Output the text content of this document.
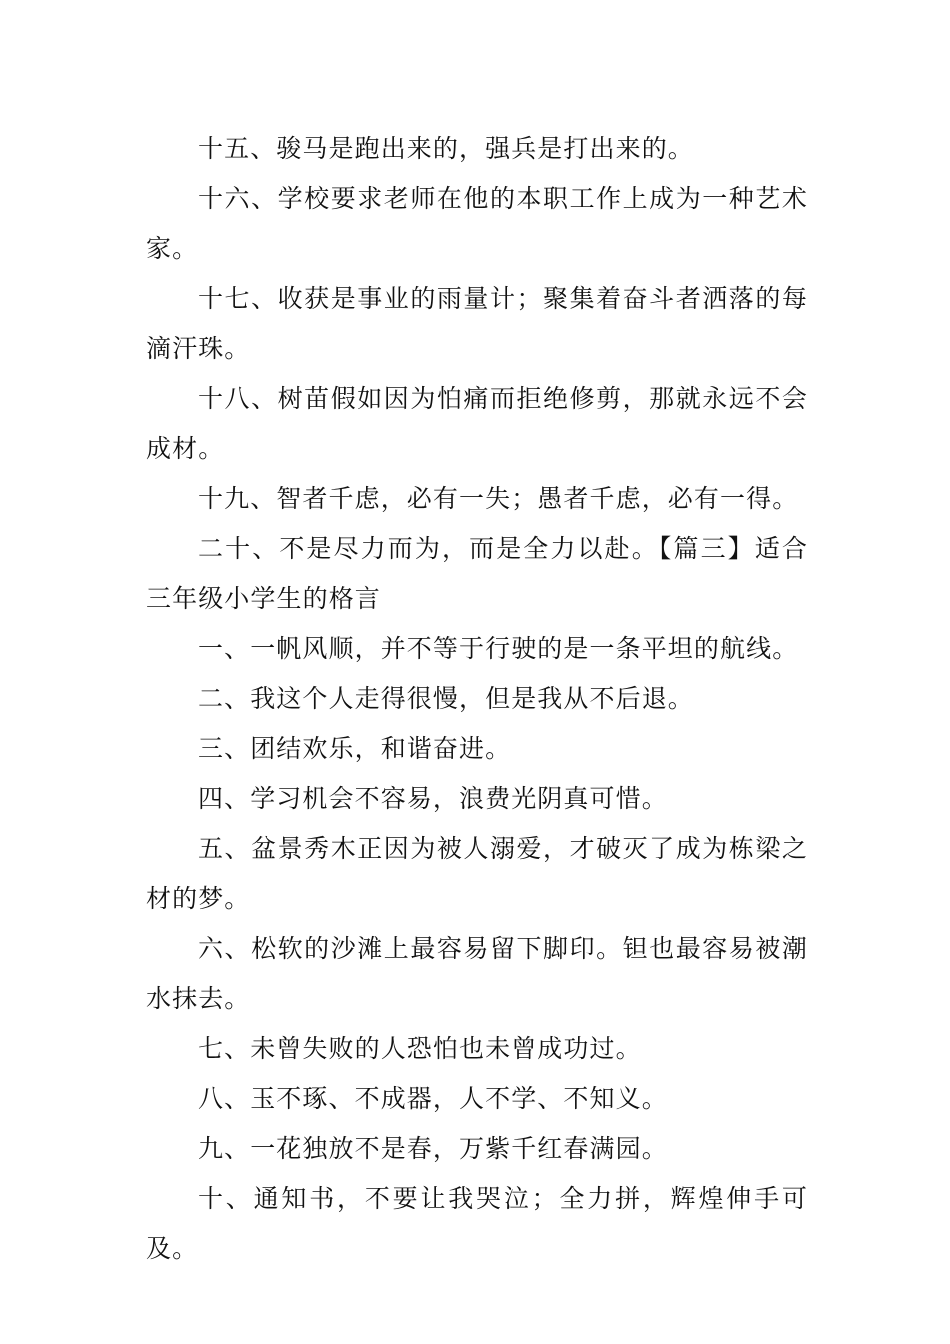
十五、骏马是跑出来的，强兵是打出来的。

十六、学校要求老师在他的本职工作上成为一种艺术家。

十七、收获是事业的雨量计；聚集着奋斗者洒落的每滴汗珠。

十八、树苗假如因为怕痛而拒绝修剪，那就永远不会成材。

十九、智者千虑，必有一失；愚者千虑，必有一得。

二十、不是尽力而为，而是全力以赴。【篇三】适合三年级小学生的格言

一、一帆风顺，并不等于行驶的是一条平坦的航线。

二、我这个人走得很慢，但是我从不后退。

三、团结欢乐，和谐奋进。

四、学习机会不容易，浪费光阴真可惜。

五、盆景秀木正因为被人溺爱，才破灭了成为栋梁之材的梦。

六、松软的沙滩上最容易留下脚印。钽也最容易被潮水抹去。

七、未曾失败的人恐怕也未曾成功过。

八、玉不琢、不成器，人不学、不知义。

九、一花独放不是春，万紫千红春满园。

十、通知书，不要让我哭泣；全力拼，辉煌伸手可及。
